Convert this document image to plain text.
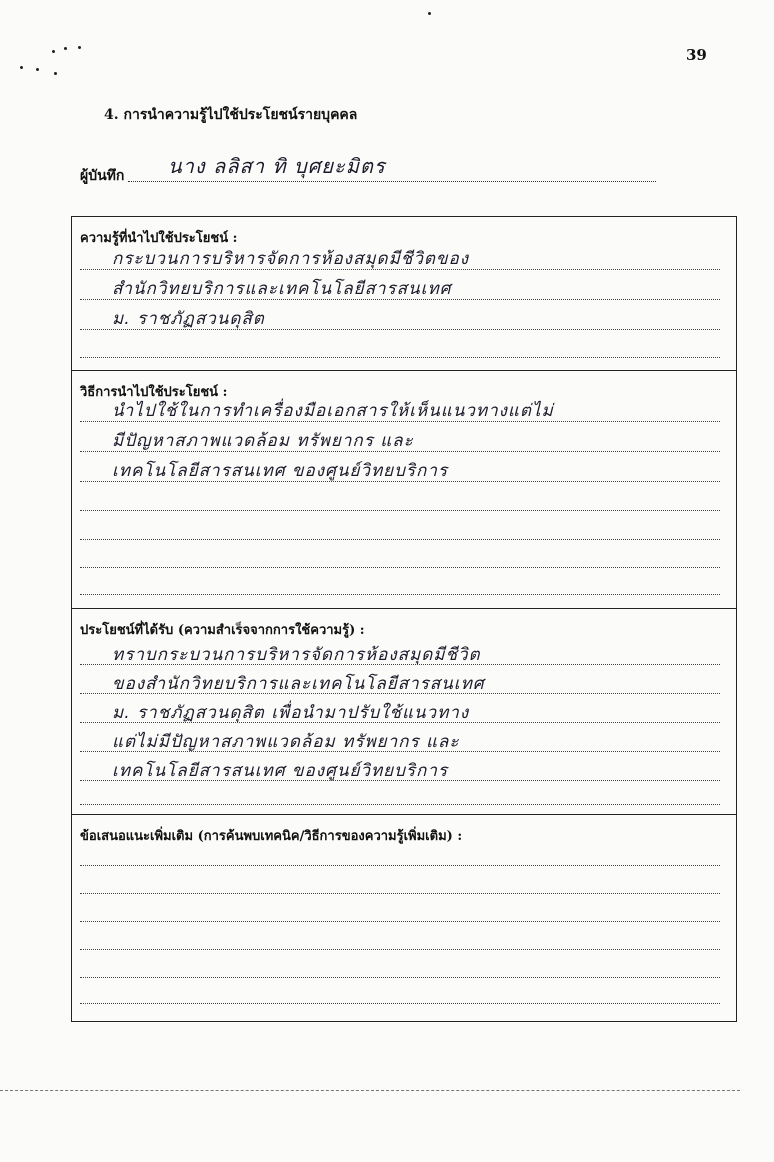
39
4. การนำความรู้ไปใช้ประโยชน์รายบุคคล
ผู้บันทึก นาง ลลิสา ทิ บุศยะมิตร
ความรู้ที่นำไปใช้ประโยชน์ :
กระบวนการบริหารจัดการห้องสมุดมีชีวิตของ
สำนักวิทยบริการและเทคโนโลยีสารสนเทศ
ม. ราชภัฏสวนดุสิต
วิธีการนำไปใช้ประโยชน์ :
นำไปใช้ในการทำเครื่องมือเอกสารให้เห็นแนวทางแต่ไม่
มีปัญหาสภาพแวดล้อม ทรัพยากร และ
เทคโนโลยีสารสนเทศ ของศูนย์วิทยบริการ
ประโยชน์ที่ได้รับ (ความสำเร็จจากการใช้ความรู้) :
ทราบกระบวนการบริหารจัดการห้องสมุดมีชีวิต
ของสำนักวิทยบริการและเทคโนโลยีสารสนเทศ
ม. ราชภัฏสวนดุสิต เพื่อนำมาปรับใช้แนวทาง
แต่ไม่มีปัญหาสภาพแวดล้อม ทรัพยากร และ
เทคโนโลยีสารสนเทศ ของศูนย์วิทยบริการ
ข้อเสนอแนะเพิ่มเติม (การค้นพบเทคนิค/วิธีการของความรู้เพิ่มเติม) :
